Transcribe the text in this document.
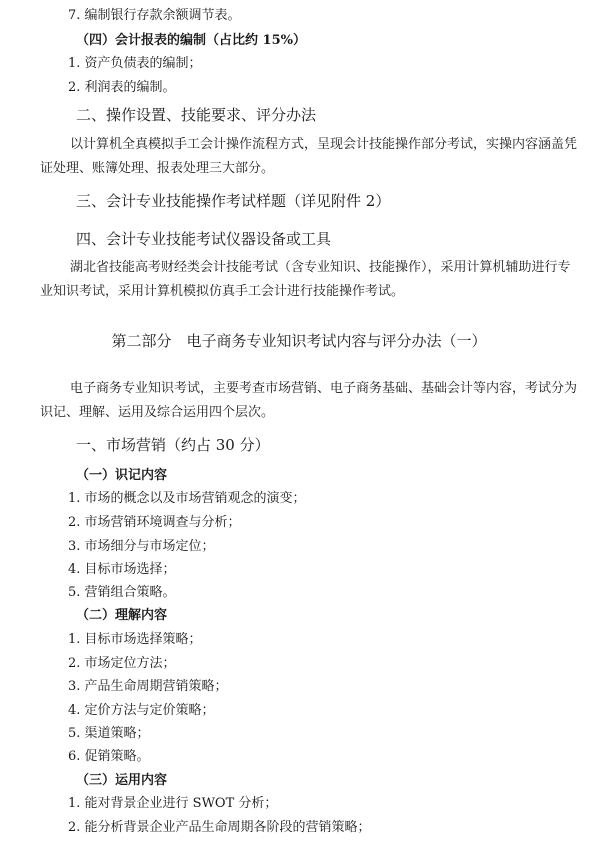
7. 编制银行存款余额调节表。
（四）会计报表的编制（占比约 15%）
1. 资产负债表的编制；
2. 利润表的编制。
二、操作设置、技能要求、评分办法
以计算机全真模拟手工会计操作流程方式，呈现会计技能操作部分考试，实操内容涵盖凭证处理、账簿处理、报表处理三大部分。
三、会计专业技能操作考试样题（详见附件 2）
四、会计专业技能考试仪器设备或工具
湖北省技能高考财经类会计技能考试（含专业知识、技能操作），采用计算机辅助进行专业知识考试，采用计算机模拟仿真手工会计进行技能操作考试。
第二部分　电子商务专业知识考试内容与评分办法（一）
电子商务专业知识考试，主要考查市场营销、电子商务基础、基础会计等内容，考试分为识记、理解、运用及综合运用四个层次。
一、市场营销（约占 30 分）
（一）识记内容
1. 市场的概念以及市场营销观念的演变；
2. 市场营销环境调查与分析；
3. 市场细分与市场定位；
4. 目标市场选择；
5. 营销组合策略。
（二）理解内容
1. 目标市场选择策略；
2. 市场定位方法；
3. 产品生命周期营销策略；
4. 定价方法与定价策略；
5. 渠道策略；
6. 促销策略。
（三）运用内容
1. 能对背景企业进行 SWOT 分析；
2. 能分析背景企业产品生命周期各阶段的营销策略；
